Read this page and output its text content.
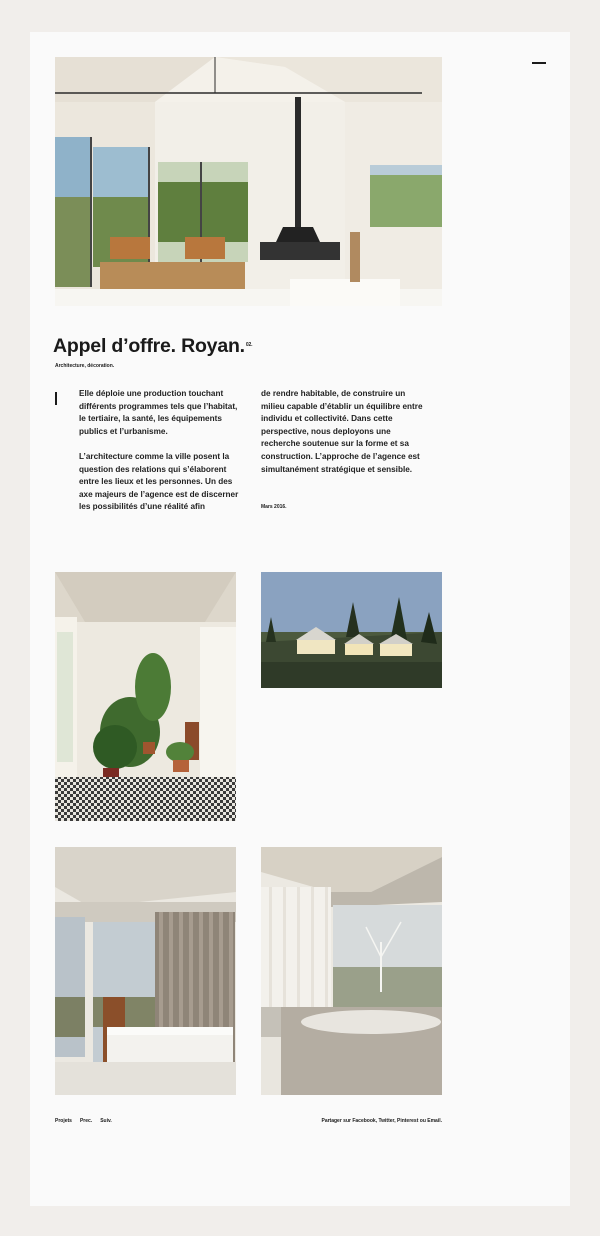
Appel d’offre. Royan.$^{02.}$
Architecture, décoration.

Elle déploie une production touchant différents programmes tels que l’habitat, le tertiaire, la santé, les équipements publics et l’urbanisme.

L’architecture comme la ville posent la question des relations qui s’élaborent entre les lieux et les personnes. Un des axe majeurs de l’agence est de discerner les possibilités d’une réalité afin

de rendre habitable, de construire un milieu capable d’établir un équilibre entre individu et collectivité. Dans cette perspective, nous deployons une recherche soutenue sur la forme et sa construction. L’approche de l’agence est simultanément stratégique et sensible.

Mars 2016.
Projets Prec. Suiv.	Partager sur Facebook, Twitter, Pinterest ou Email.
